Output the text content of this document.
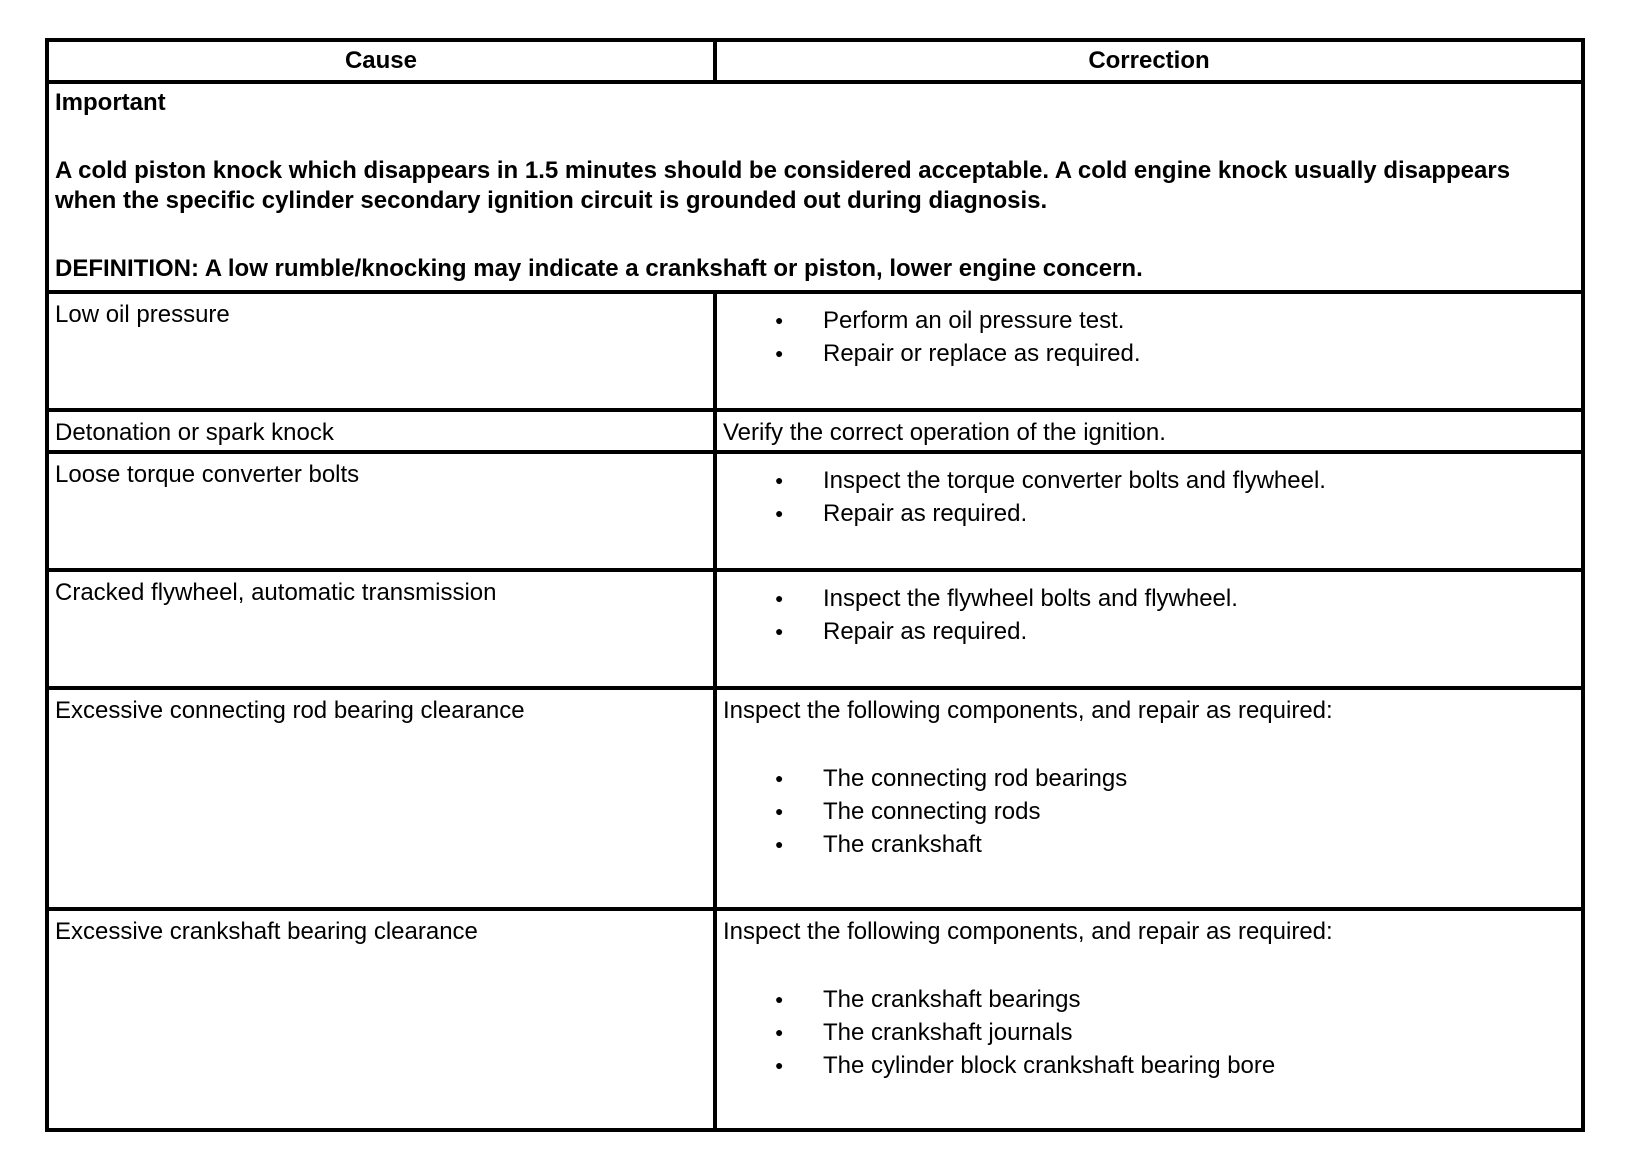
Cause	Correction

Important

A cold piston knock which disappears in 1.5 minutes should be considered acceptable. A cold engine knock usually disappears when the specific cylinder secondary ignition circuit is grounded out during diagnosis.

DEFINITION: A low rumble/knocking may indicate a crankshaft or piston, lower engine concern.

Low oil pressure	● Perform an oil pressure test.
● Repair or replace as required.
Detonation or spark knock	Verify the correct operation of the ignition.
Loose torque converter bolts	● Inspect the torque converter bolts and flywheel.
● Repair as required.
Cracked flywheel, automatic transmission	● Inspect the flywheel bolts and flywheel.
● Repair as required.
Excessive connecting rod bearing clearance	Inspect the following components, and repair as required:

● The connecting rod bearings
● The connecting rods
● The crankshaft
Excessive crankshaft bearing clearance	Inspect the following components, and repair as required:

● The crankshaft bearings
● The crankshaft journals
● The cylinder block crankshaft bearing bore
